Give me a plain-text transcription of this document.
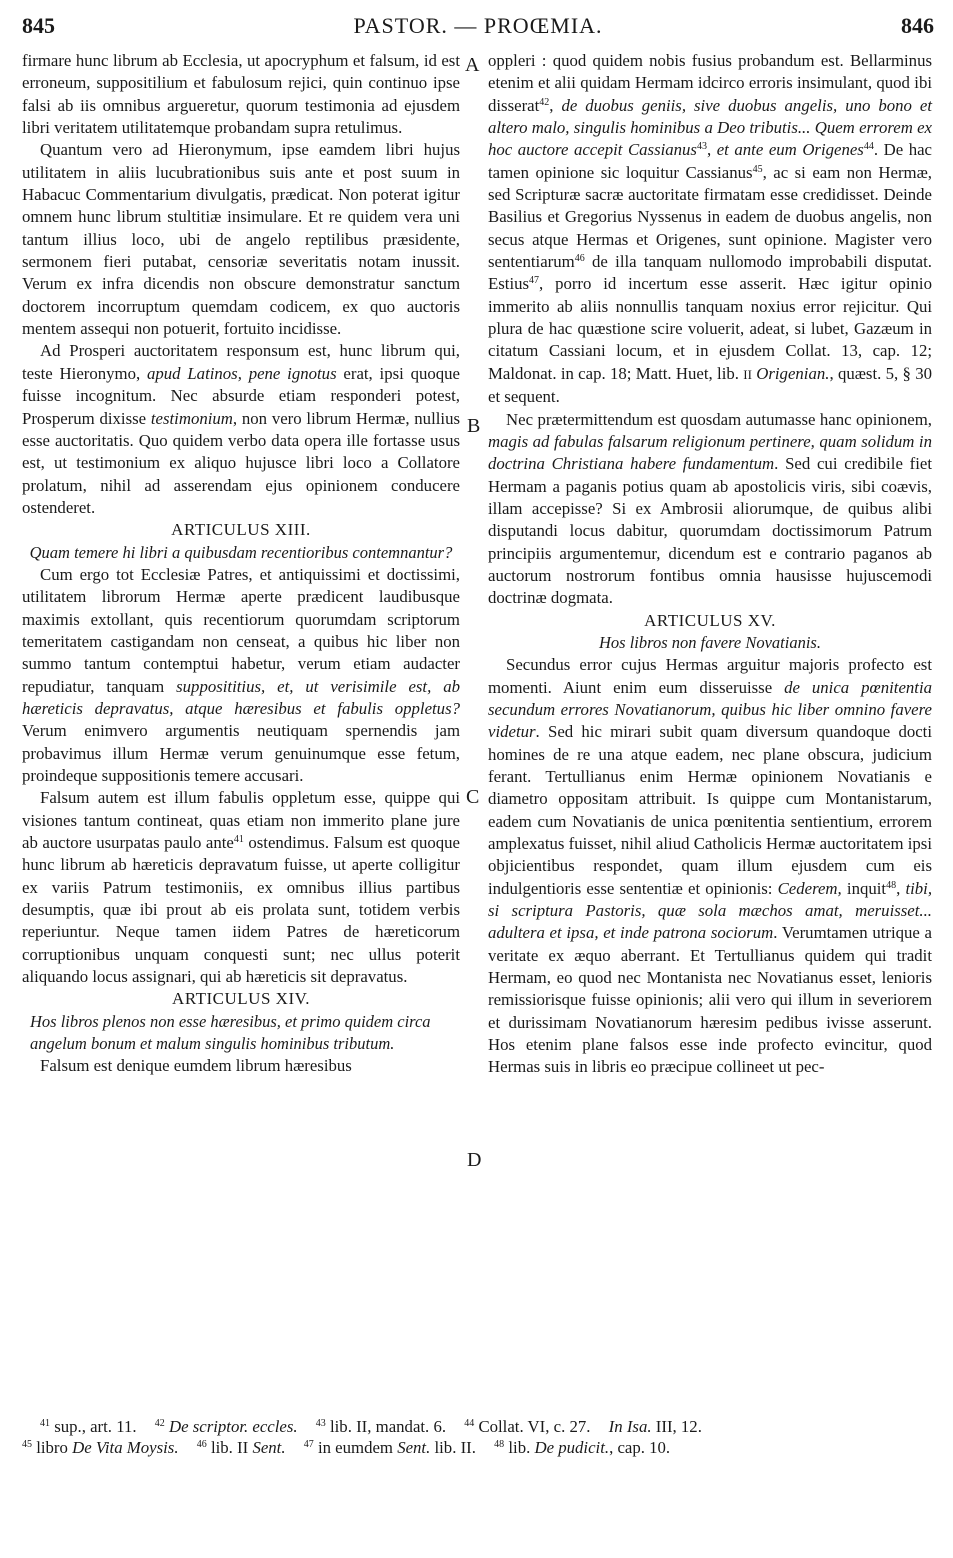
845	PASTOR. — PROŒMIA.	846
A
B
C
D

firmare hunc librum ab Ecclesia, ut apocryphum et falsum, id est erroneum, suppositilium et fabulosum rejici, quin continuo ipse falsi ab iis omnibus argueretur, quorum testimonia ad ejusdem libri veritatem utilitatemque probandam supra retulimus.

Quantum vero ad Hieronymum, ipse eamdem libri hujus utilitatem in aliis lucubrationibus suis ante et post suum in Habacuc Commentarium divulgatis, prædicat. Non poterat igitur omnem hunc librum stultitiæ insimulare. Et re quidem vera uni tantum illius loco, ubi de angelo reptilibus præsidente, sermonem fieri putabat, censoriæ severitatis notam inussit. Verum ex infra dicendis non obscure demonstratur sanctum doctorem incorruptum quemdam codicem, ex quo auctoris mentem assequi non potuerit, fortuito incidisse.

Ad Prosperi auctoritatem responsum est, hunc librum qui, teste Hieronymo, apud Latinos, pene ignotus erat, ipsi quoque fuisse incognitum. Nec absurde etiam responderi potest, Prosperum dixisse testimonium, non vero librum Hermæ, nullius esse auctoritatis. Quo quidem verbo data opera ille fortasse usus est, ut testimonium ex aliquo hujusce libri loco a Collatore prolatum, nihil ad asserendam ejus opinionem conducere ostenderet.

ARTICULUS XIII.
Quam temere hi libri a quibusdam recentioribus contemnantur?

Cum ergo tot Ecclesiæ Patres, et antiquissimi et doctissimi, utilitatem librorum Hermæ aperte prædicent laudibusque maximis extollant, quis recentiorum quorumdam scriptorum temeritatem castigandam non censeat, a quibus hic liber non summo tantum contemptui habetur, verum etiam audacter repudiatur, tanquam supposititius, et, ut verisimile est, ab hæreticis depravatus, atque hæresibus et fabulis oppletus? Verum enimvero argumentis neutiquam spernendis jam probavimus illum Hermæ verum genuinumque esse fetum, proindeque suppositionis temere accusari.

Falsum autem est illum fabulis oppletum esse, quippe qui visiones tantum contineat, quas etiam non immerito plane jure ab auctore usurpatas paulo ante$^{41}$ ostendimus. Falsum est quoque hunc librum ab hæreticis depravatum fuisse, ut aperte colligitur ex variis Patrum testimoniis, ex omnibus illius partibus desumptis, quæ ibi prout ab eis prolata sunt, totidem verbis reperiuntur. Neque tamen iidem Patres de hæreticorum corruptionibus unquam conquesti sunt; nec ullus poterit aliquando locus assignari, qui ab hæreticis sit depravatus.

ARTICULUS XIV.
Hos libros plenos non esse hæresibus, et primo quidem circa angelum bonum et malum singulis hominibus tributum.

Falsum est denique eumdem librum hæresibus

oppleri : quod quidem nobis fusius probandum est. Bellarminus etenim et alii quidam Hermam idcirco erroris insimulant, quod ibi disserat$^{42}$, de duobus geniis, sive duobus angelis, uno bono et altero malo, singulis hominibus a Deo tributis... Quem errorem ex hoc auctore accepit Cassianus$^{43}$, et ante eum Origenes$^{44}$. De hac tamen opinione sic loquitur Cassianus$^{45}$, ac si eam non Hermæ, sed Scripturæ sacræ auctoritate firmatam esse credidisset. Deinde Basilius et Gregorius Nyssenus in eadem de duobus angelis, non secus atque Hermas et Origenes, sunt opinione. Magister vero sententiarum$^{46}$ de illa tanquam nullomodo improbabili disputat. Estius$^{47}$, porro id incertum esse asserit. Hæc igitur opinio immerito ab aliis nonnullis tanquam noxius error rejicitur. Qui plura de hac quæstione scire voluerit, adeat, si lubet, Gazæum in citatum Cassiani locum, et in ejusdem Collat. 13, cap. 12; Maldonat. in cap. 18; Matt. Huet, lib. II Origenian., quæst. 5, § 30 et sequent.

Nec prætermittendum est quosdam autumasse hanc opinionem, magis ad fabulas falsarum religionum pertinere, quam solidum in doctrina Christiana habere fundamentum. Sed cui credibile fiet Hermam a paganis potius quam ab apostolicis viris, sibi coævis, illam accepisse? Si ex Ambrosii aliorumque, de quibus alibi disputandi locus dabitur, quorumdam doctissimorum Patrum principiis argumentemur, dicendum est e contrario paganos ab auctorum nostrorum fontibus omnia hausisse hujuscemodi doctrinæ dogmata.

ARTICULUS XV.
Hos libros non favere Novatianis.

Secundus error cujus Hermas arguitur majoris profecto est momenti. Aiunt enim eum disseruisse de unica pœnitentia secundum errores Novatianorum, quibus hic liber omnino favere videtur. Sed hic mirari subit quam diversum quandoque docti homines de re una atque eadem, nec plane obscura, judicium ferant. Tertullianus enim Hermæ opinionem Novatianis e diametro oppositam attribuit. Is quippe cum Montanistarum, eadem cum Novatianis de unica pœnitentia sentientium, errorem amplexatus fuisset, nihil aliud Catholicis Hermæ auctoritatem ipsi objicientibus respondet, quam illum ejusdem cum eis indulgentioris esse sententiæ et opinionis: Cederem, inquit$^{48}$, tibi, si scriptura Pastoris, quæ sola mæchos amat, meruisset... adultera et ipsa, et inde patrona sociorum. Verumtamen utrique a veritate ex æquo aberrant. Et Tertullianus quidem qui tradit Hermam, eo quod nec Montanista nec Novatianus esset, lenioris remissiorisque fuisse opinionis; alii vero qui illum in severiorem et durissimam Novatianorum hæresim pedibus ivisse asserunt. Hos etenim plane falsos esse inde profecto evincitur, quod Hermas suis in libris eo præcipue collineet ut pec-

$^{41}$ sup., art. 11. $^{42}$ De scriptor. eccles. $^{43}$ lib. II, mandat. 6. $^{44}$ Collat. VI, c. 27. In Isa. III, 12.
$^{45}$ libro De Vita Moysis. $^{46}$ lib. II Sent. $^{47}$ in eumdem Sent. lib. II. $^{48}$ lib. De pudicit., cap. 10.
